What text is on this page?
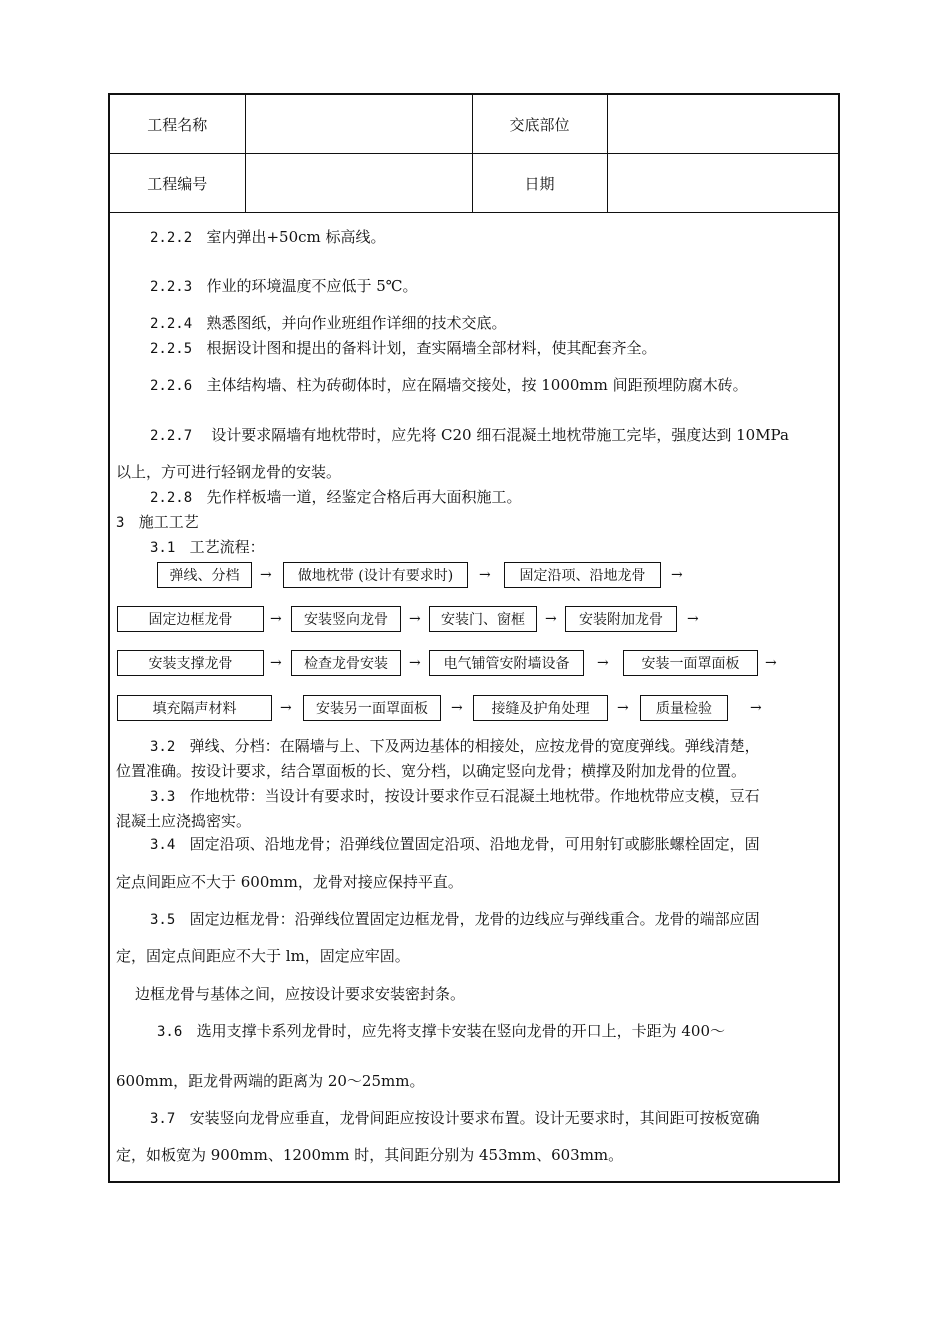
工程名称		交底部位	
工程编号		日期	
2.2.2 室内弹出+50cm 标高线。
2.2.3 作业的环境温度不应低于 5℃。
2.2.4 熟悉图纸，并向作业班组作详细的技术交底。
2.2.5 根据设计图和提出的备料计划，查实隔墙全部材料，使其配套齐全。
2.2.6 主体结构墙、柱为砖砌体时，应在隔墙交接处，按 1000mm 间距预埋防腐木砖。
2.2.7 设计要求隔墙有地枕带时，应先将 C20 细石混凝土地枕带施工完毕，强度达到 10MPa
以上，方可进行轻钢龙骨的安装。
2.2.8 先作样板墙一道，经鉴定合格后再大面积施工。
3 施工工艺
3.1 工艺流程：
弹线、分档	→	做地枕带 (设计有要求时)	→	固定沿项、沿地龙骨	→
固定边框龙骨	→	安装竖向龙骨	→	安装门、窗框	→	安装附加龙骨	→
安装支撑龙骨	→	检查龙骨安装	→	电气铺管安附墙设备	→	安装一面罩面板	→
填充隔声材料	→	安装另一面罩面板	→	接缝及护角处理	→	质量检验	→
3.2 弹线、分档：在隔墙与上、下及两边基体的相接处，应按龙骨的宽度弹线。弹线清楚，
位置准确。按设计要求，结合罩面板的长、宽分档，以确定竖向龙骨；横撑及附加龙骨的位置。
3.3 作地枕带：当设计有要求时，按设计要求作豆石混凝土地枕带。作地枕带应支模，豆石
混凝土应浇捣密实。
3.4 固定沿项、沿地龙骨；沿弹线位置固定沿项、沿地龙骨，可用射钉或膨胀螺栓固定，固
定点间距应不大于 600mm，龙骨对接应保持平直。
3.5 固定边框龙骨：沿弹线位置固定边框龙骨，龙骨的边线应与弹线重合。龙骨的端部应固
定，固定点间距应不大于 lm，固定应牢固。
边框龙骨与基体之间，应按设计要求安装密封条。
3.6 选用支撑卡系列龙骨时，应先将支撑卡安装在竖向龙骨的开口上，卡距为 400～
600mm，距龙骨两端的距离为 20～25mm。
3.7 安装竖向龙骨应垂直，龙骨间距应按设计要求布置。设计无要求时，其间距可按板宽确
定，如板宽为 900mm、1200mm 时，其间距分别为 453mm、603mm。
